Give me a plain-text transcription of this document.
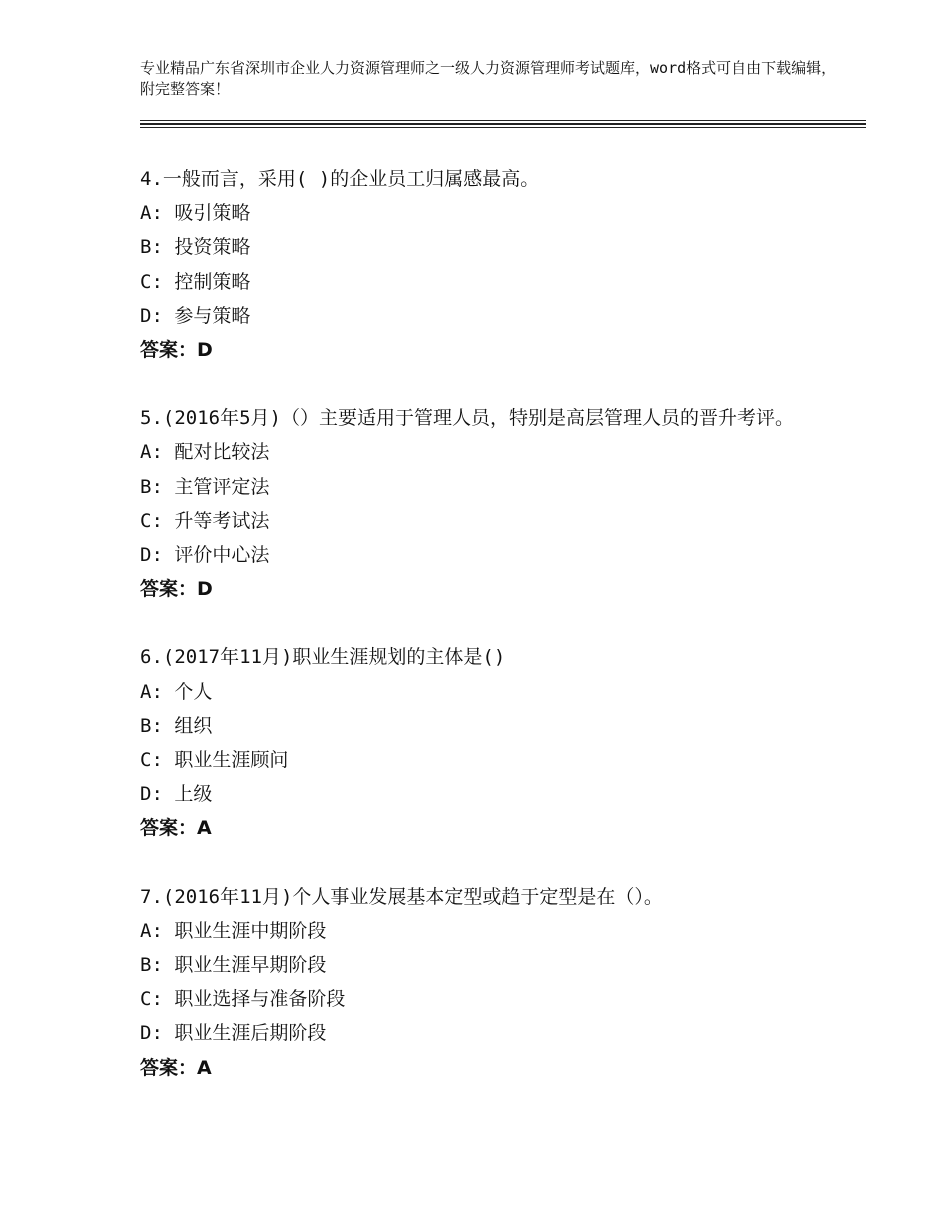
专业精品广东省深圳市企业人力资源管理师之一级人力资源管理师考试题库，word格式可自由下载编辑，附完整答案！
4.一般而言，采用( )的企业员工归属感最高。
A: 吸引策略
B: 投资策略
C: 控制策略
D: 参与策略
答案：D
5.(2016年5月)（）主要适用于管理人员，特别是高层管理人员的晋升考评。
A: 配对比较法
B: 主管评定法
C: 升等考试法
D: 评价中心法
答案：D
6.(2017年11月)职业生涯规划的主体是()
A: 个人
B: 组织
C: 职业生涯顾问
D: 上级
答案：A
7.(2016年11月)个人事业发展基本定型或趋于定型是在（）。
A: 职业生涯中期阶段
B: 职业生涯早期阶段
C: 职业选择与准备阶段
D: 职业生涯后期阶段
答案：A
